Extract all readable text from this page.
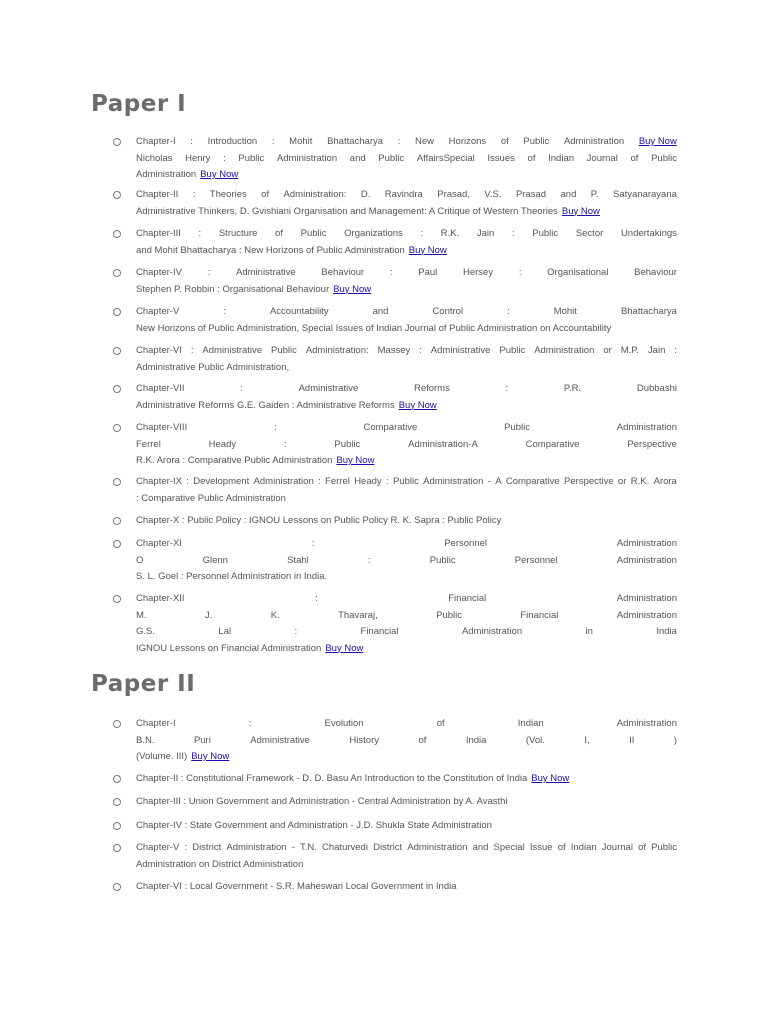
Paper I
Chapter-I : Introduction : Mohit Bhattacharya : New Horizons of Public Administration Buy Now
Nicholas Henry : Public Administration and Public AffairsSpecial Issues of Indian Journal of Public
Administration Buy Now
Chapter-II : Theories of Administration: D. Ravindra Prasad, V.S. Prasad and P. Satyanarayana
Administrative Thinkers, D. Gvishiani Organisation and Management: A Critique of Western Theories Buy Now
Chapter-III : Structure of Public Organizations : R.K. Jain : Public Sector Undertakings
and Mohit Bhattacharya : New Horizons of Public Administration Buy Now
Chapter-IV	:	Administrative	Behaviour	:	Paul	Hersey	:	Organisational	Behaviour
Stephen P. Robbin : Organisational Behaviour Buy Now
Chapter-V	:	Accountability	and	Control	:	Mohit	Bhattacharya
New Horizons of Public Administration, Special Issues of Indian Journal of Public Administration on Accountability
Chapter-VI : Administrative Public Administration: Massey : Administrative Public Administration or M.P. Jain :
Administrative Public Administration,
Chapter-VII	:	Administrative	Reforms	:	P.R.	Dubbashi
Administrative Reforms G.E. Gaiden : Administrative Reforms Buy Now
Chapter-VIII	:	Comparative	Public	Administration
Ferrel	Heady	:	Public	Administration-A	Comparative	Perspective
R.K. Arora : Comparative Public Administration Buy Now
Chapter-IX : Development Administration : Ferrel Heady : Public Administration - A Comparative Perspective or R.K. Arora
: Comparative Public Administration
Chapter-X : Public Policy : IGNOU Lessons on Public Policy R. K. Sapra : Public Policy
Chapter-XI	:	Personnel	Administration
O	Glenn	Stahl	:	Public	Personnel	Administration
S. L. Goel : Personnel Administration in India.
Chapter-XII	:	Financial	Administration
M.	J.	K.	Thavaraj,	Public	Financial	Administration
G.S.	Lal	:	Financial	Administration	in	India
IGNOU Lessons on Financial Administration Buy Now
Paper II
Chapter-I	:	Evolution	of	Indian	Administration
B.N.	Puri	Administrative	History	of	India	(Vol.	I,	II	)
(Volume. III) Buy Now
Chapter-II : Constitutional Framework - D. D. Basu An Introduction to the Constitution of India Buy Now
Chapter-III : Union Government and Administration - Central Administration by A. Avasthi
Chapter-IV : State Government and Administration - J.D. Shukla State Administration
Chapter-V : District Administration - T.N. Chaturvedi District Administration and Special Issue of Indian Journal of Public
Administration on District Administration
Chapter-VI : Local Government - S.R. Maheswari Local Government in India
